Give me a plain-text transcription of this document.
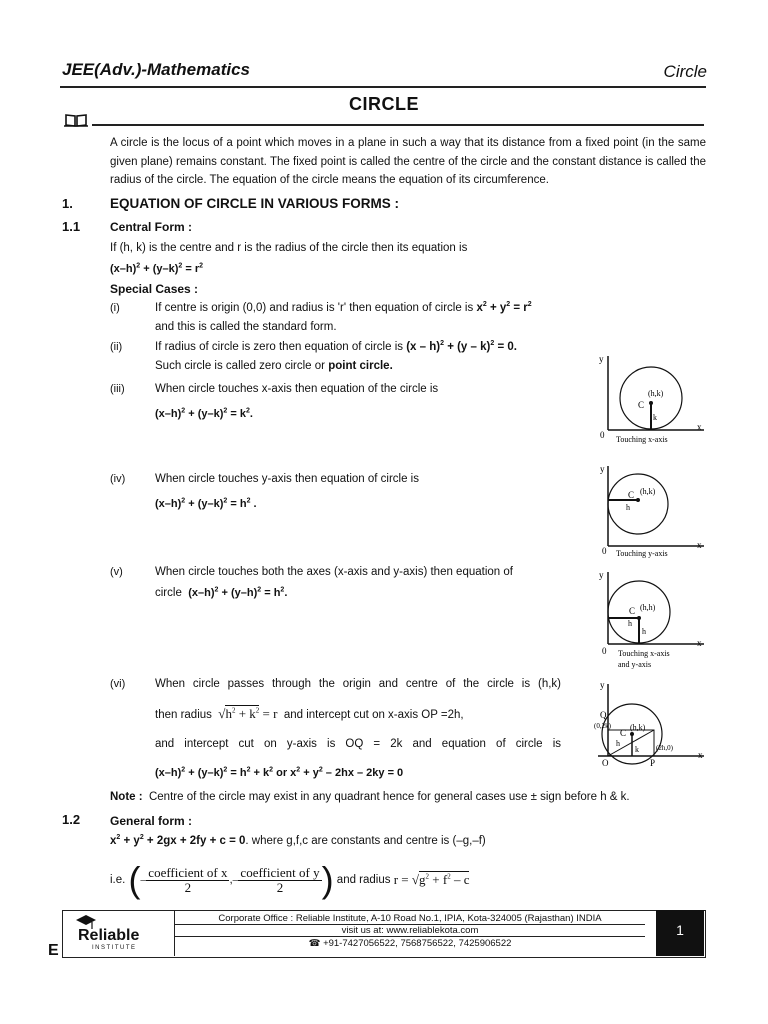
JEE(Adv.)-Mathematics	Circle
CIRCLE
A circle is the locus of a point which moves in a plane in such a way that its distance from a fixed point (in the same given plane) remains constant. The fixed point is called the centre of the circle and the constant distance is called the radius of the circle. The equation of the circle means the equation of its circumference.
1.	EQUATION OF CIRCLE IN VARIOUS FORMS :
1.1 Central Form :
If (h, k) is the centre and r is the radius of the circle then its equation is
$(x-h)^2 + (y-k)^2 = r^2$
Special Cases :
(i)	If centre is origin (0,0) and radius is 'r' then equation of circle is $x^2 + y^2 = r^2$
and this is called the standard form.
(ii)	If radius of circle is zero then equation of circle is (x – h)$^2$ + (y – k)$^2$ = 0.
Such circle is called zero circle or point circle.
(iii)	When circle touches x-axis then equation of the circle is
$(x-h)^2 + (y-k)^2 = k^2$.
(iv)	When circle touches y-axis then equation of circle is
$(x-h)^2 + (y-k)^2 = h^2$ .
(v)	When circle touches both the axes (x-axis and y-axis) then equation of
circle $(x-h)^2 + (y-h)^2 = h^2$.
(vi)	When circle passes through the origin and centre of the circle is (h,k)
then radius $√h^2 + k^2 = r$ and intercept cut on x-axis OP =2h,
and intercept cut on y-axis is OQ = 2k and equation of circle is
$(x-h)^2 + (y-k)^2 = h^2 + k^2$ or $x^2 + y^2 - 2hx - 2ky = 0$
Note : Centre of the circle may exist in any quadrant hence for general cases use ± sign before h & k.
1.2 General form :
$x^2 + y^2 + 2gx + 2fy + c = 0$. where g,f,c are constants and centre is (–g,–f)
i.e.
( – $\frac{\text{coefficient of x}}{2}$ , – $\frac{\text{coefficient of y}}{2}$ )
and radius
$r = √g^2 + f^2 - c$
y
x
0
C
(h,k)
k
Touching x-axis
y
x
0
C (h,k)
h
Touching y-axis
y
x
0
C (h,h)
h
h
Touching x-axis
and y-axis
y
x
Q
(0,2k)
O	P
(2h,0)
C
(h,k)
h
k
Reliable
INSTITUTE
Corporate Office : Reliable Institute, A-10 Road No.1, IPIA, Kota-324005 (Rajasthan) INDIA
visit us at: www.reliablekota.com
☎ +91-7427056522, 7568756522, 7425906522
1
E
